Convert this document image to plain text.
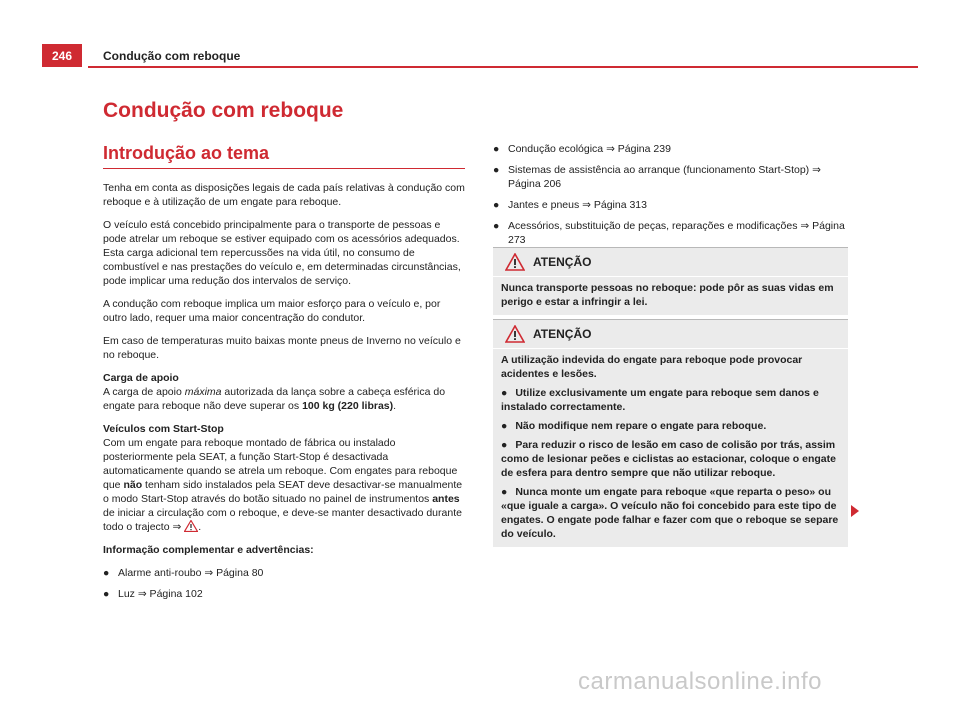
246	Condução com reboque
Condução com reboque
Introdução ao tema

Tenha em conta as disposições legais de cada país relativas à condução com reboque e à utilização de um engate para reboque.

O veículo está concebido principalmente para o transporte de pessoas e pode atrelar um reboque se estiver equipado com os acessórios adequados. Esta carga adicional tem repercussões na vida útil, no consumo de combustível e nas prestações do veículo e, em determinadas circunstâncias, pode implicar uma redução dos intervalos de serviço.

A condução com reboque implica um maior esforço para o veículo e, por outro lado, requer uma maior concentração do condutor.

Em caso de temperaturas muito baixas monte pneus de Inverno no veículo e no reboque.

Carga de apoio

A carga de apoio máxima autorizada da lança sobre a cabeça esférica do engate para reboque não deve superar os 100 kg (220 libras).

Veículos com Start-Stop

Com um engate para reboque montado de fábrica ou instalado posteriormente pela SEAT, a função Start-Stop é desactivada automaticamente quando se atrela um reboque. Com engates para reboque que não tenham sido instalados pela SEAT deve desactivar-se manualmente o modo Start-Stop através do botão situado no painel de instrumentos antes de iniciar a circulação com o reboque, e deve-se manter desactivado durante todo o trajecto ⇒ .

Informação complementar e advertências:
● Alarme anti-roubo ⇒ Página 80
● Luz ⇒ Página 102
● Condução ecológica ⇒ Página 239
● Sistemas de assistência ao arranque (funcionamento Start-Stop) ⇒ Página 206
● Jantes e pneus ⇒ Página 313
● Acessórios, substituição de peças, reparações e modificações ⇒ Página 273
ATENÇÃO

Nunca transporte pessoas no reboque: pode pôr as suas vidas em perigo e estar a infringir a lei.

ATENÇÃO

A utilização indevida do engate para reboque pode provocar acidentes e lesões.

● Utilize exclusivamente um engate para reboque sem danos e instalado correctamente.

● Não modifique nem repare o engate para reboque.

● Para reduzir o risco de lesão em caso de colisão por trás, assim como de lesionar peões e ciclistas ao estacionar, coloque o engate de esfera para dentro sempre que não utilizar reboque.

● Nunca monte um engate para reboque «que reparta o peso» ou «que iguale a carga». O veículo não foi concebido para este tipo de engates. O engate pode falhar e fazer com que o reboque se separe do veículo.

carmanualsonline.info
